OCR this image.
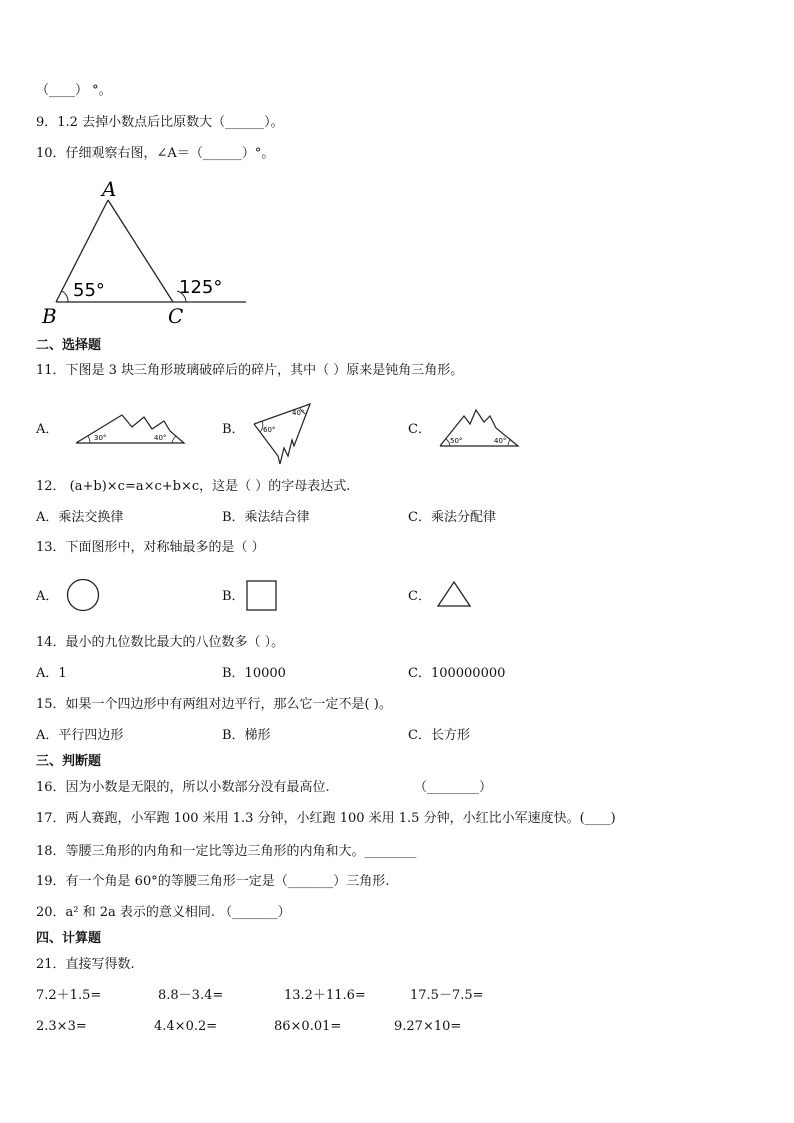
（____） °。
9．1.2 去掉小数点后比原数大（______）。
10．仔细观察右图，∠A＝（______）°。
A
B	C
55°	125°
二、选择题
11．下图是 3 块三角形玻璃破碎后的碎片，其中（ ）原来是钝角三角形。
A．
30°	40°
B．	60°
40°
C．
50°	40°
12． (a+b)×c=a×c+b×c，这是（ ）的字母表达式.
A．乘法交换律	B．乘法结合律	C．乘法分配律
13．下面图形中，对称轴最多的是（ ）
A．	B．	C．
14．最小的九位数比最大的八位数多（ ）。
A．1	B．10000	C．100000000
15．如果一个四边形中有两组对边平行，那么它一定不是( )。
A．平行四边形	B．梯形	C．长方形
三、判断题
16．因为小数是无限的，所以小数部分没有最高位.	（________）
17．两人赛跑，小军跑 100 米用 1.3 分钟，小红跑 100 米用 1.5 分钟，小红比小军速度快。(____)
18．等腰三角形的内角和一定比等边三角形的内角和大。________
19．有一个角是 60°的等腰三角形一定是（_______）三角形.
20．a² 和 2a 表示的意义相同. （_______）
四、计算题
21．直接写得数.
7.2＋1.5=	8.8－3.4=	13.2＋11.6=	17.5－7.5=
2.3×3=	4.4×0.2=	86×0.01=	9.27×10=
